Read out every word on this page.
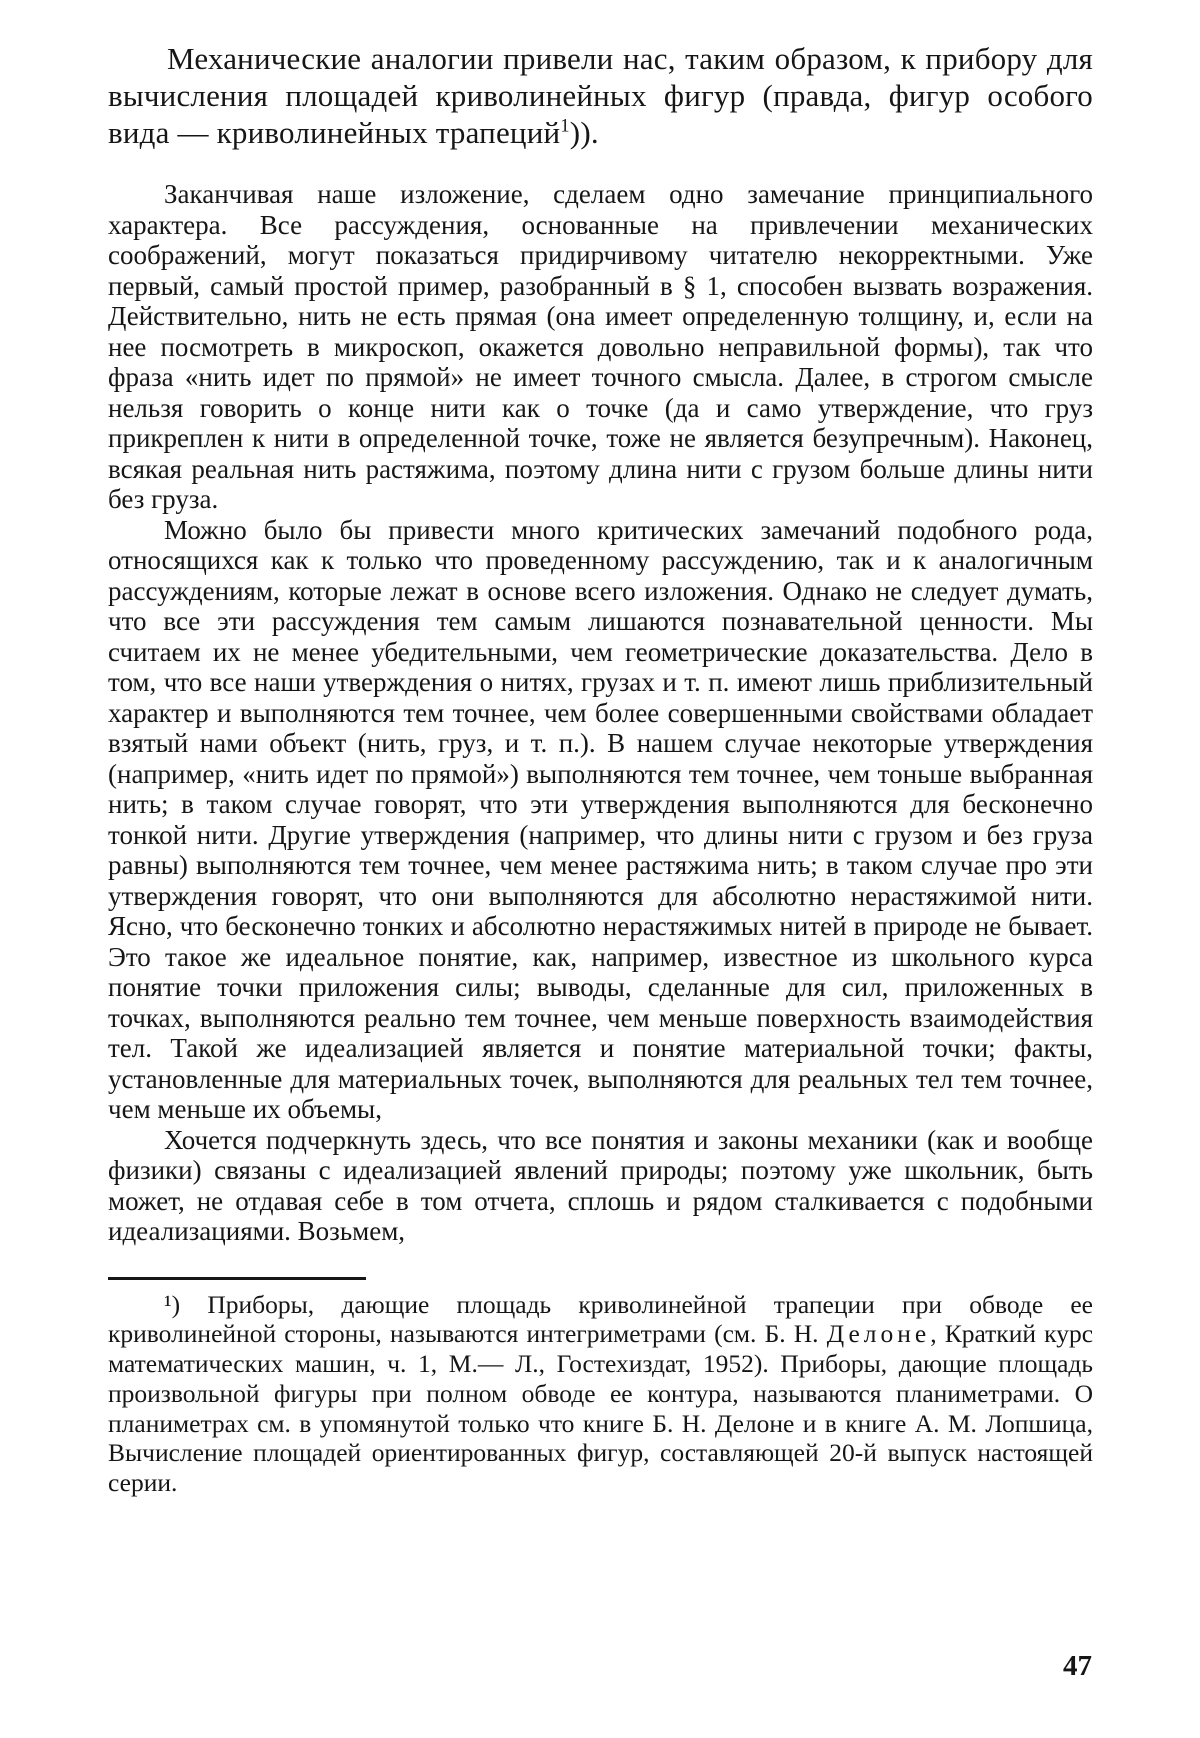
Механические аналогии привели нас, таким образом, к прибору для вычисления площадей криволинейных фигур (правда, фигур особого вида — криволинейных трапеций1)).

Заканчивая наше изложение, сделаем одно замечание принципиального характера. Все рассуждения, основанные на привлечении механических соображений, могут показаться придирчивому читателю некорректными. Уже первый, самый простой пример, разобранный в § 1, способен вызвать возражения. Действительно, нить не есть прямая (она имеет определенную толщину, и, если на нее посмотреть в микроскоп, окажется довольно неправильной формы), так что фраза «нить идет по прямой» не имеет точного смысла. Далее, в строгом смысле нельзя говорить о конце нити как о точке (да и само утверждение, что груз прикреплен к нити в определенной точке, тоже не является безупречным). Наконец, всякая реальная нить растяжима, поэтому длина нити с грузом больше длины нити без груза.

Можно было бы привести много критических замечаний подобного рода, относящихся как к только что проведенному рассуждению, так и к аналогичным рассуждениям, которые лежат в основе всего изложения. Однако не следует думать, что все эти рассуждения тем самым лишаются познавательной ценности. Мы считаем их не менее убедительными, чем геометрические доказательства. Дело в том, что все наши утверждения о нитях, грузах и т. п. имеют лишь приблизительный характер и выполняются тем точнее, чем более совершенными свойствами обладает взятый нами объект (нить, груз, и т. п.). В нашем случае некоторые утверждения (например, «нить идет по прямой») выполняются тем точнее, чем тоньше выбранная нить; в таком случае говорят, что эти утверждения выполняются для бесконечно тонкой нити. Другие утверждения (например, что длины нити с грузом и без груза равны) выполняются тем точнее, чем менее растяжима нить; в таком случае про эти утверждения говорят, что они выполняются для абсолютно нерастяжимой нити. Ясно, что бесконечно тонких и абсолютно нерастяжимых нитей в природе не бывает. Это такое же идеальное понятие, как, например, известное из школьного курса понятие точки приложения силы; выводы, сделанные для сил, приложенных в точках, выполняются реально тем точнее, чем меньше поверхность взаимодействия тел. Такой же идеализацией является и понятие материальной точки; факты, установленные для материальных точек, выполняются для реальных тел тем точнее, чем меньше их объемы,

Хочется подчеркнуть здесь, что все понятия и законы механики (как и вообще физики) связаны с идеализацией явлений природы; поэтому уже школьник, быть может, не отдавая себе в том отчета, сплошь и рядом сталкивается с подобными идеализациями. Возьмем,

¹) Приборы, дающие площадь криволинейной трапеции при обводе ее криволинейной стороны, называются интегриметрами (см. Б. Н. Делоне, Краткий курс математических машин, ч. 1, М.— Л., Гостехиздат, 1952). Приборы, дающие площадь произвольной фигуры при полном обводе ее контура, называются планиметрами. О планиметрах см. в упомянутой только что книге Б. Н. Делоне и в книге А. М. Лопшица, Вычисление площадей ориентированных фигур, составляющей 20-й выпуск настоящей серии.

47
